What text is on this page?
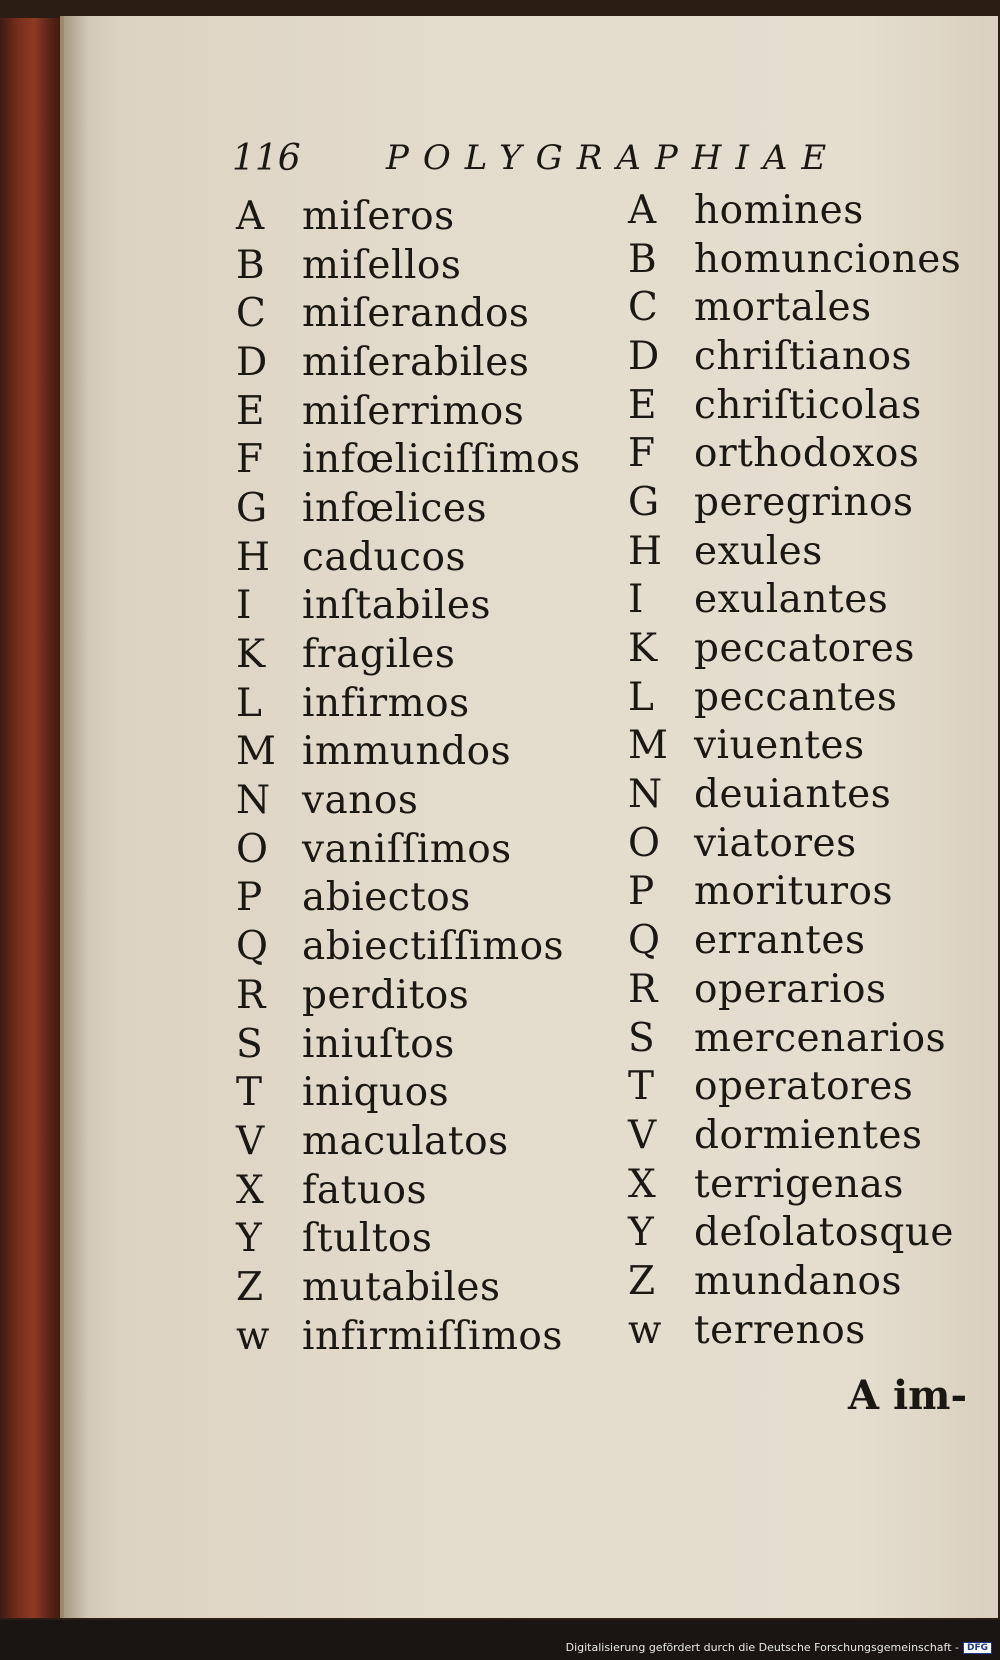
116	POLYGRAPHIAE
A miſeros
B miſellos
C miſerandos
D miſerabiles
E miſerrimos
F infœliciſſimos
G infœlices
H caducos
I	inſtabiles
K fragiles
L	infirmos
M immundos
N vanos
O vaniſſimos
P	abiectos
Q abiectiſſimos
R perditos
S	iniuſtos
T	iniquos
V maculatos
X fatuos
Y	ſtultos
Z mutabiles
w infirmiſſimos
A homines
B homunciones
C mortales
D chriſtianos
E chriſticolas
F orthodoxos
G peregrinos
H exules
I	exulantes
K peccatores
L	peccantes
M viuentes
N deuiantes
O viatores
P	morituros
Q errantes
R operarios
S	mercenarios
T	operatores
V dormientes
X terrigenas
Y	deſolatosque
Z mundanos
w terrenos
A im-
Digitalisierung gefördert durch die Deutsche Forschungsgemeinschaft - DFG
